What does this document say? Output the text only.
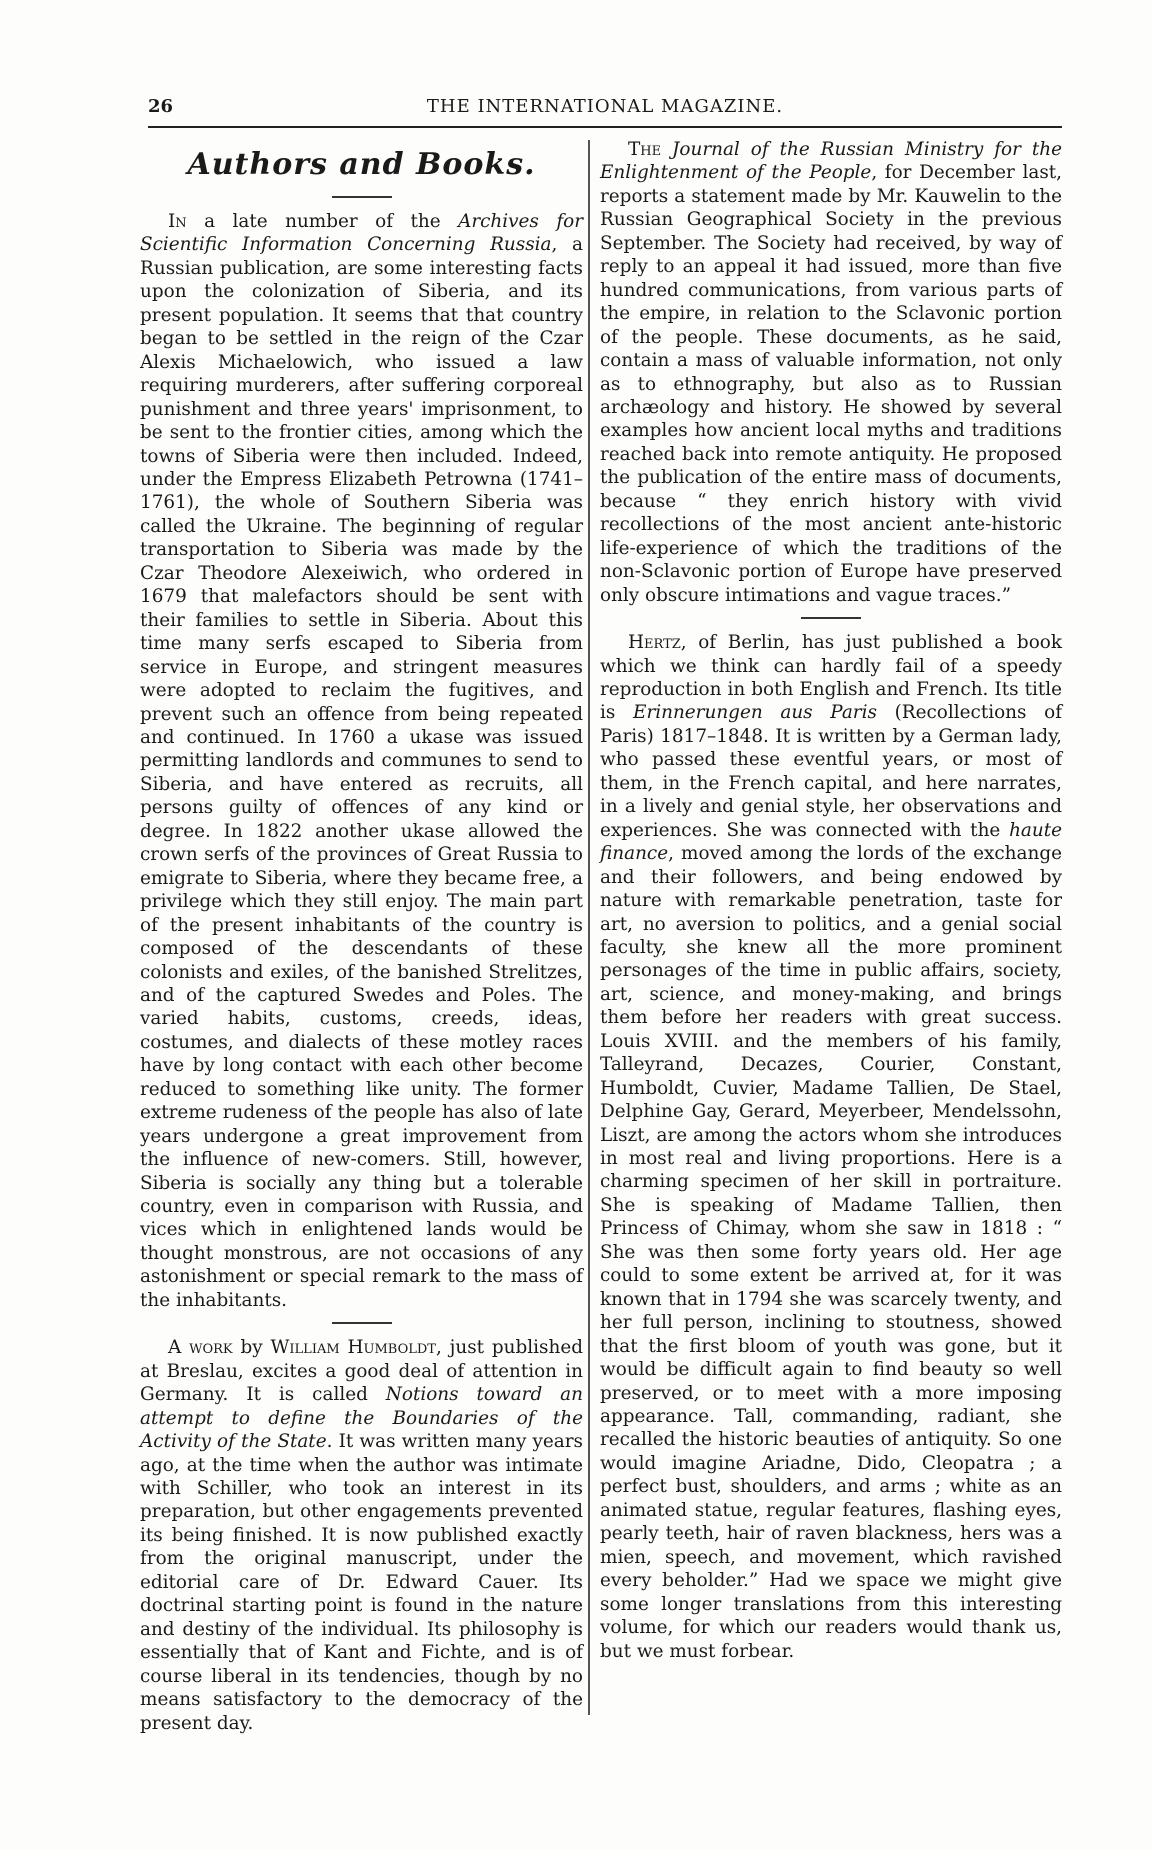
26	THE INTERNATIONAL MAGAZINE.
Authors and Books.

In a late number of the Archives for Scientific Information Concerning Russia, a Russian publication, are some interesting facts upon the colonization of Siberia, and its present population. It seems that that country began to be settled in the reign of the Czar Alexis Michaelowich, who issued a law requiring murderers, after suffering corporeal punishment and three years' imprisonment, to be sent to the frontier cities, among which the towns of Siberia were then included. Indeed, under the Empress Elizabeth Petrowna (1741–1761), the whole of Southern Siberia was called the Ukraine. The beginning of regular transportation to Siberia was made by the Czar Theodore Alexeiwich, who ordered in 1679 that malefactors should be sent with their families to settle in Siberia. About this time many serfs escaped to Siberia from service in Europe, and stringent measures were adopted to reclaim the fugitives, and prevent such an offence from being repeated and continued. In 1760 a ukase was issued permitting landlords and communes to send to Siberia, and have entered as recruits, all persons guilty of offences of any kind or degree. In 1822 another ukase allowed the crown serfs of the provinces of Great Russia to emigrate to Siberia, where they became free, a privilege which they still enjoy. The main part of the present inhabitants of the country is composed of the descendants of these colonists and exiles, of the banished Strelitzes, and of the captured Swedes and Poles. The varied habits, customs, creeds, ideas, costumes, and dialects of these motley races have by long contact with each other become reduced to something like unity. The former extreme rudeness of the people has also of late years undergone a great improvement from the influence of new-comers. Still, however, Siberia is socially any thing but a tolerable country, even in comparison with Russia, and vices which in enlightened lands would be thought monstrous, are not occasions of any astonishment or special remark to the mass of the inhabitants.

A work by William Humboldt, just published at Breslau, excites a good deal of attention in Germany. It is called Notions toward an attempt to define the Boundaries of the Activity of the State. It was written many years ago, at the time when the author was intimate with Schiller, who took an interest in its preparation, but other engagements prevented its being finished. It is now published exactly from the original manuscript, under the editorial care of Dr. Edward Cauer. Its doctrinal starting point is found in the nature and destiny of the individual. Its philosophy is essentially that of Kant and Fichte, and is of course liberal in its tendencies, though by no means satisfactory to the democracy of the present day.

The Journal of the Russian Ministry for the Enlightenment of the People, for December last, reports a statement made by Mr. Kauwelin to the Russian Geographical Society in the previous September. The Society had received, by way of reply to an appeal it had issued, more than five hundred communications, from various parts of the empire, in relation to the Sclavonic portion of the people. These documents, as he said, contain a mass of valuable information, not only as to ethnography, but also as to Russian archæology and history. He showed by several examples how ancient local myths and traditions reached back into remote antiquity. He proposed the publication of the entire mass of documents, because “ they enrich history with vivid recollections of the most ancient ante-historic life-experience of which the traditions of the non-Sclavonic portion of Europe have preserved only obscure intimations and vague traces.”

Hertz, of Berlin, has just published a book which we think can hardly fail of a speedy reproduction in both English and French. Its title is Erinnerungen aus Paris (Recollections of Paris) 1817–1848. It is written by a German lady, who passed these eventful years, or most of them, in the French capital, and here narrates, in a lively and genial style, her observations and experiences. She was connected with the haute finance, moved among the lords of the exchange and their followers, and being endowed by nature with remarkable penetration, taste for art, no aversion to politics, and a genial social faculty, she knew all the more prominent personages of the time in public affairs, society, art, science, and money-making, and brings them before her readers with great success. Louis XVIII. and the members of his family, Talleyrand, Decazes, Courier, Constant, Humboldt, Cuvier, Madame Tallien, De Stael, Delphine Gay, Gerard, Meyerbeer, Mendelssohn, Liszt, are among the actors whom she introduces in most real and living proportions. Here is a charming specimen of her skill in portraiture. She is speaking of Madame Tallien, then Princess of Chimay, whom she saw in 1818 : “ She was then some forty years old. Her age could to some extent be arrived at, for it was known that in 1794 she was scarcely twenty, and her full person, inclining to stoutness, showed that the first bloom of youth was gone, but it would be difficult again to find beauty so well preserved, or to meet with a more imposing appearance. Tall, commanding, radiant, she recalled the historic beauties of antiquity. So one would imagine Ariadne, Dido, Cleopatra ; a perfect bust, shoulders, and arms ; white as an animated statue, regular features, flashing eyes, pearly teeth, hair of raven blackness, hers was a mien, speech, and movement, which ravished every beholder.” Had we space we might give some longer translations from this interesting volume, for which our readers would thank us, but we must forbear.
